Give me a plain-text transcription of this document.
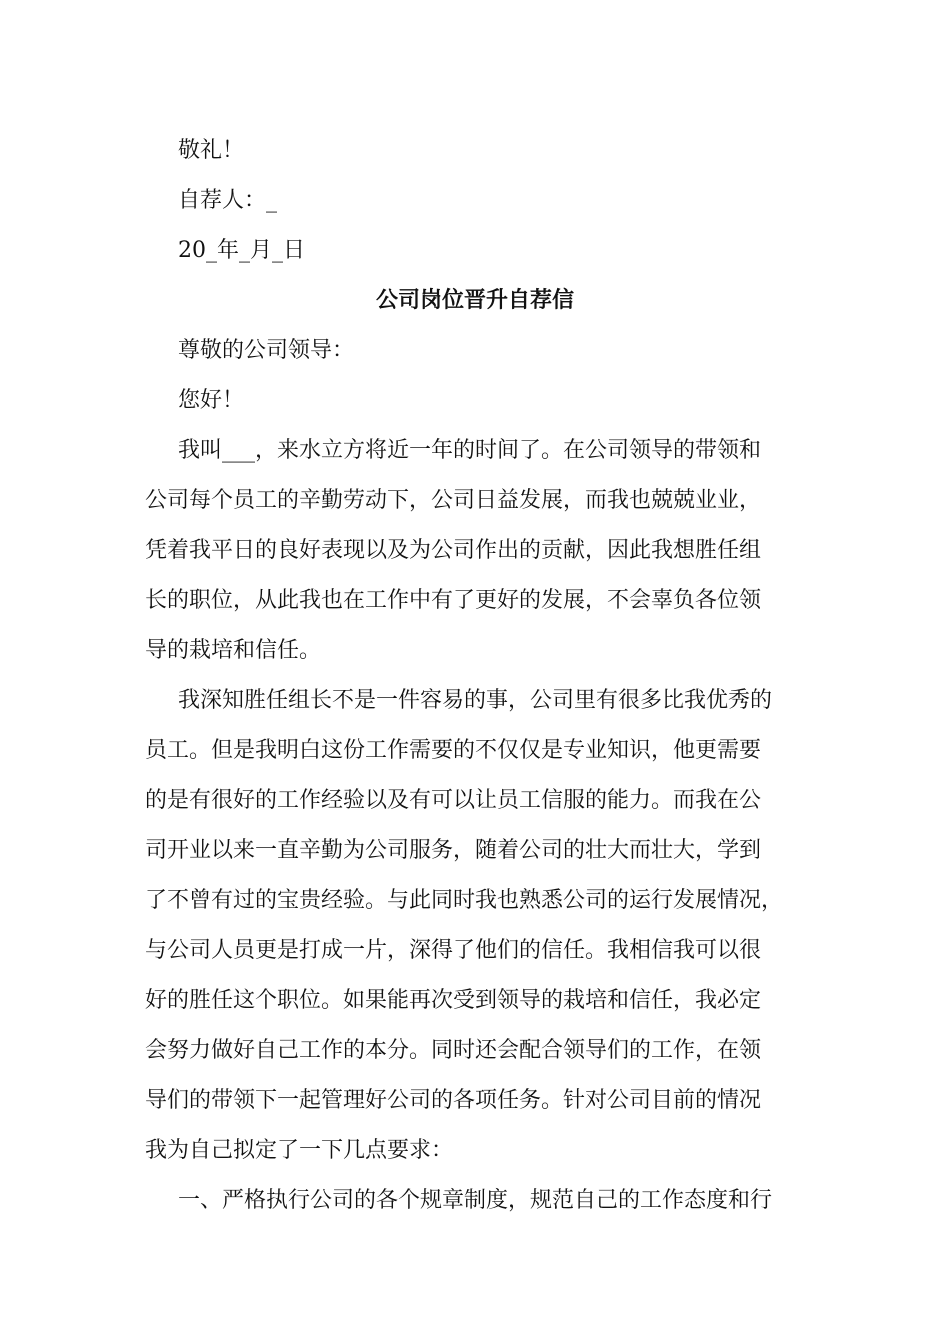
敬礼！
自荐人：_
20_年_月_日
公司岗位晋升自荐信
尊敬的公司领导：
您好！
我叫___，来水立方将近一年的时间了。在公司领导的带领和
公司每个员工的辛勤劳动下，公司日益发展，而我也兢兢业业，
凭着我平日的良好表现以及为公司作出的贡献，因此我想胜任组
长的职位，从此我也在工作中有了更好的发展，不会辜负各位领
导的栽培和信任。
我深知胜任组长不是一件容易的事，公司里有很多比我优秀的
员工。但是我明白这份工作需要的不仅仅是专业知识，他更需要
的是有很好的工作经验以及有可以让员工信服的能力。而我在公
司开业以来一直辛勤为公司服务，随着公司的壮大而壮大，学到
了不曾有过的宝贵经验。与此同时我也熟悉公司的运行发展情况，
与公司人员更是打成一片，深得了他们的信任。我相信我可以很
好的胜任这个职位。如果能再次受到领导的栽培和信任，我必定
会努力做好自己工作的本分。同时还会配合领导们的工作，在领
导们的带领下一起管理好公司的各项任务。针对公司目前的情况
我为自己拟定了一下几点要求：
一、严格执行公司的各个规章制度，规范自己的工作态度和行
